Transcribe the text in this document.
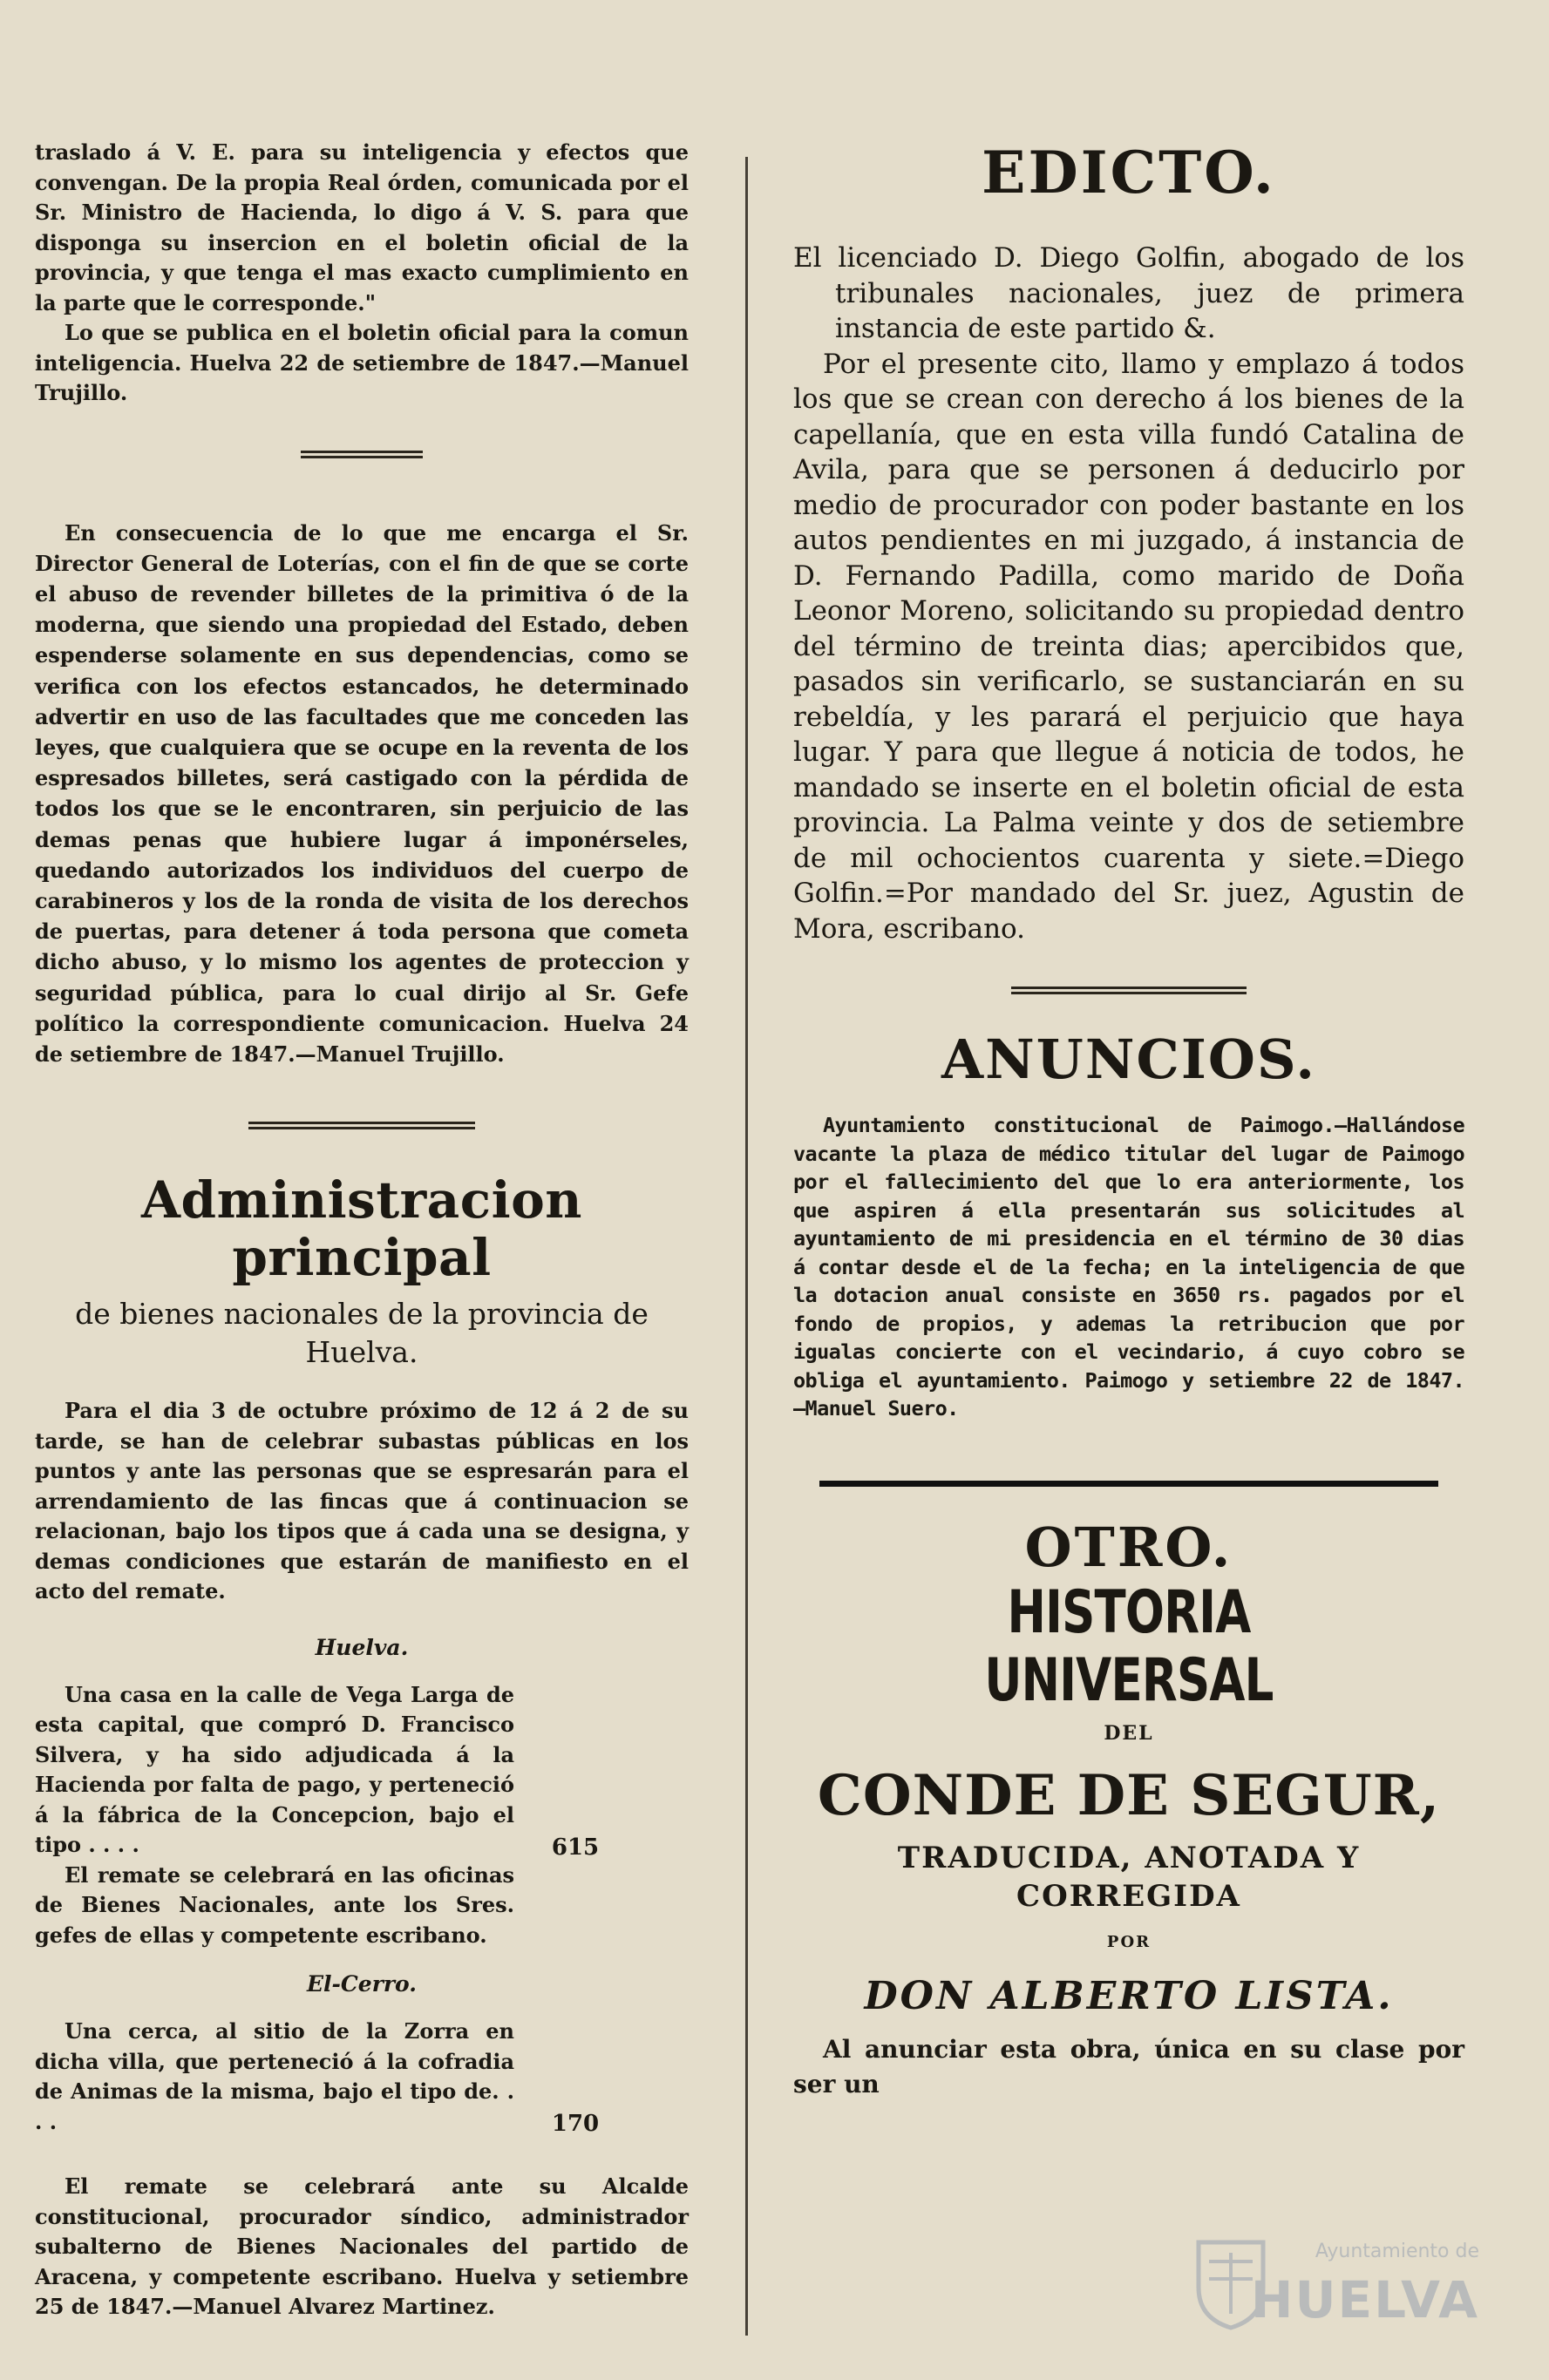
traslado á V. E. para su inteligencia y efectos que convengan. De la propia Real órden, comunicada por el Sr. Ministro de Hacienda, lo digo á V. S. para que disponga su insercion en el boletin oficial de la provincia, y que tenga el mas exacto cumplimiento en la parte que le corresponde."

Lo que se publica en el boletin oficial para la comun inteligencia. Huelva 22 de setiembre de 1847.—Manuel Trujillo.

En consecuencia de lo que me encarga el Sr. Director General de Loterías, con el fin de que se corte el abuso de revender billetes de la primitiva ó de la moderna, que siendo una propiedad del Estado, deben espenderse solamente en sus dependencias, como se verifica con los efectos estancados, he determinado advertir en uso de las facultades que me conceden las leyes, que cualquiera que se ocupe en la reventa de los espresados billetes, será castigado con la pérdida de todos los que se le encontraren, sin perjuicio de las demas penas que hubiere lugar á imponérseles, quedando autorizados los individuos del cuerpo de carabineros y los de la ronda de visita de los derechos de puertas, para detener á toda persona que cometa dicho abuso, y lo mismo los agentes de proteccion y seguridad pública, para lo cual dirijo al Sr. Gefe político la correspondiente comunicacion. Huelva 24 de setiembre de 1847.—Manuel Trujillo.

Administracion principal
de bienes nacionales de la provincia de Huelva.

Para el dia 3 de octubre próximo de 12 á 2 de su tarde, se han de celebrar subastas públicas en los puntos y ante las personas que se espresarán para el arrendamiento de las fincas que á continuacion se relacionan, bajo los tipos que á cada una se designa, y demas condiciones que estarán de manifiesto en el acto del remate.

Huelva.

Una casa en la calle de Vega Larga de esta capital, que compró D. Francisco Silvera, y ha sido adjudicada á la Hacienda por falta de pago, y perteneció á la fábrica de la Concepcion, bajo el tipo . . . .	615

El remate se celebrará en las oficinas de Bienes Nacionales, ante los Sres. gefes de ellas y competente escribano.

El-Cerro.

Una cerca, al sitio de la Zorra en dicha villa, que perteneció á la cofradia de Animas de la misma, bajo el tipo de. . . .	170

El remate se celebrará ante su Alcalde constitucional, procurador síndico, administrador subalterno de Bienes Nacionales del partido de Aracena, y competente escribano. Huelva y setiembre 25 de 1847.—Manuel Alvarez Martinez.

EDICTO.

El licenciado D. Diego Golfin, abogado de los tribunales nacionales, juez de primera instancia de este partido &.

Por el presente cito, llamo y emplazo á todos los que se crean con derecho á los bienes de la capellanía, que en esta villa fundó Catalina de Avila, para que se personen á deducirlo por medio de procurador con poder bastante en los autos pendientes en mi juzgado, á instancia de D. Fernando Padilla, como marido de Doña Leonor Moreno, solicitando su propiedad dentro del término de treinta dias; apercibidos que, pasados sin verificarlo, se sustanciarán en su rebeldía, y les parará el perjuicio que haya lugar. Y para que llegue á noticia de todos, he mandado se inserte en el boletin oficial de esta provincia. La Palma veinte y dos de setiembre de mil ochocientos cuarenta y siete.=Diego Golfin.=Por mandado del Sr. juez, Agustin de Mora, escribano.

ANUNCIOS.

Ayuntamiento constitucional de Paimogo.—Hallándose vacante la plaza de médico titular del lugar de Paimogo por el fallecimiento del que lo era anteriormente, los que aspiren á ella presentarán sus solicitudes al ayuntamiento de mi presidencia en el término de 30 dias á contar desde el de la fecha; en la inteligencia de que la dotacion anual consiste en 3650 rs. pagados por el fondo de propios, y ademas la retribucion que por igualas concierte con el vecindario, á cuyo cobro se obliga el ayuntamiento. Paimogo y setiembre 22 de 1847. —Manuel Suero.

OTRO.
HISTORIA UNIVERSAL
DEL
CONDE DE SEGUR,
TRADUCIDA, ANOTADA Y CORREGIDA
POR
DON ALBERTO LISTA.

Al anunciar esta obra, única en su clase por ser un

Ayuntamiento de
HUELVA
